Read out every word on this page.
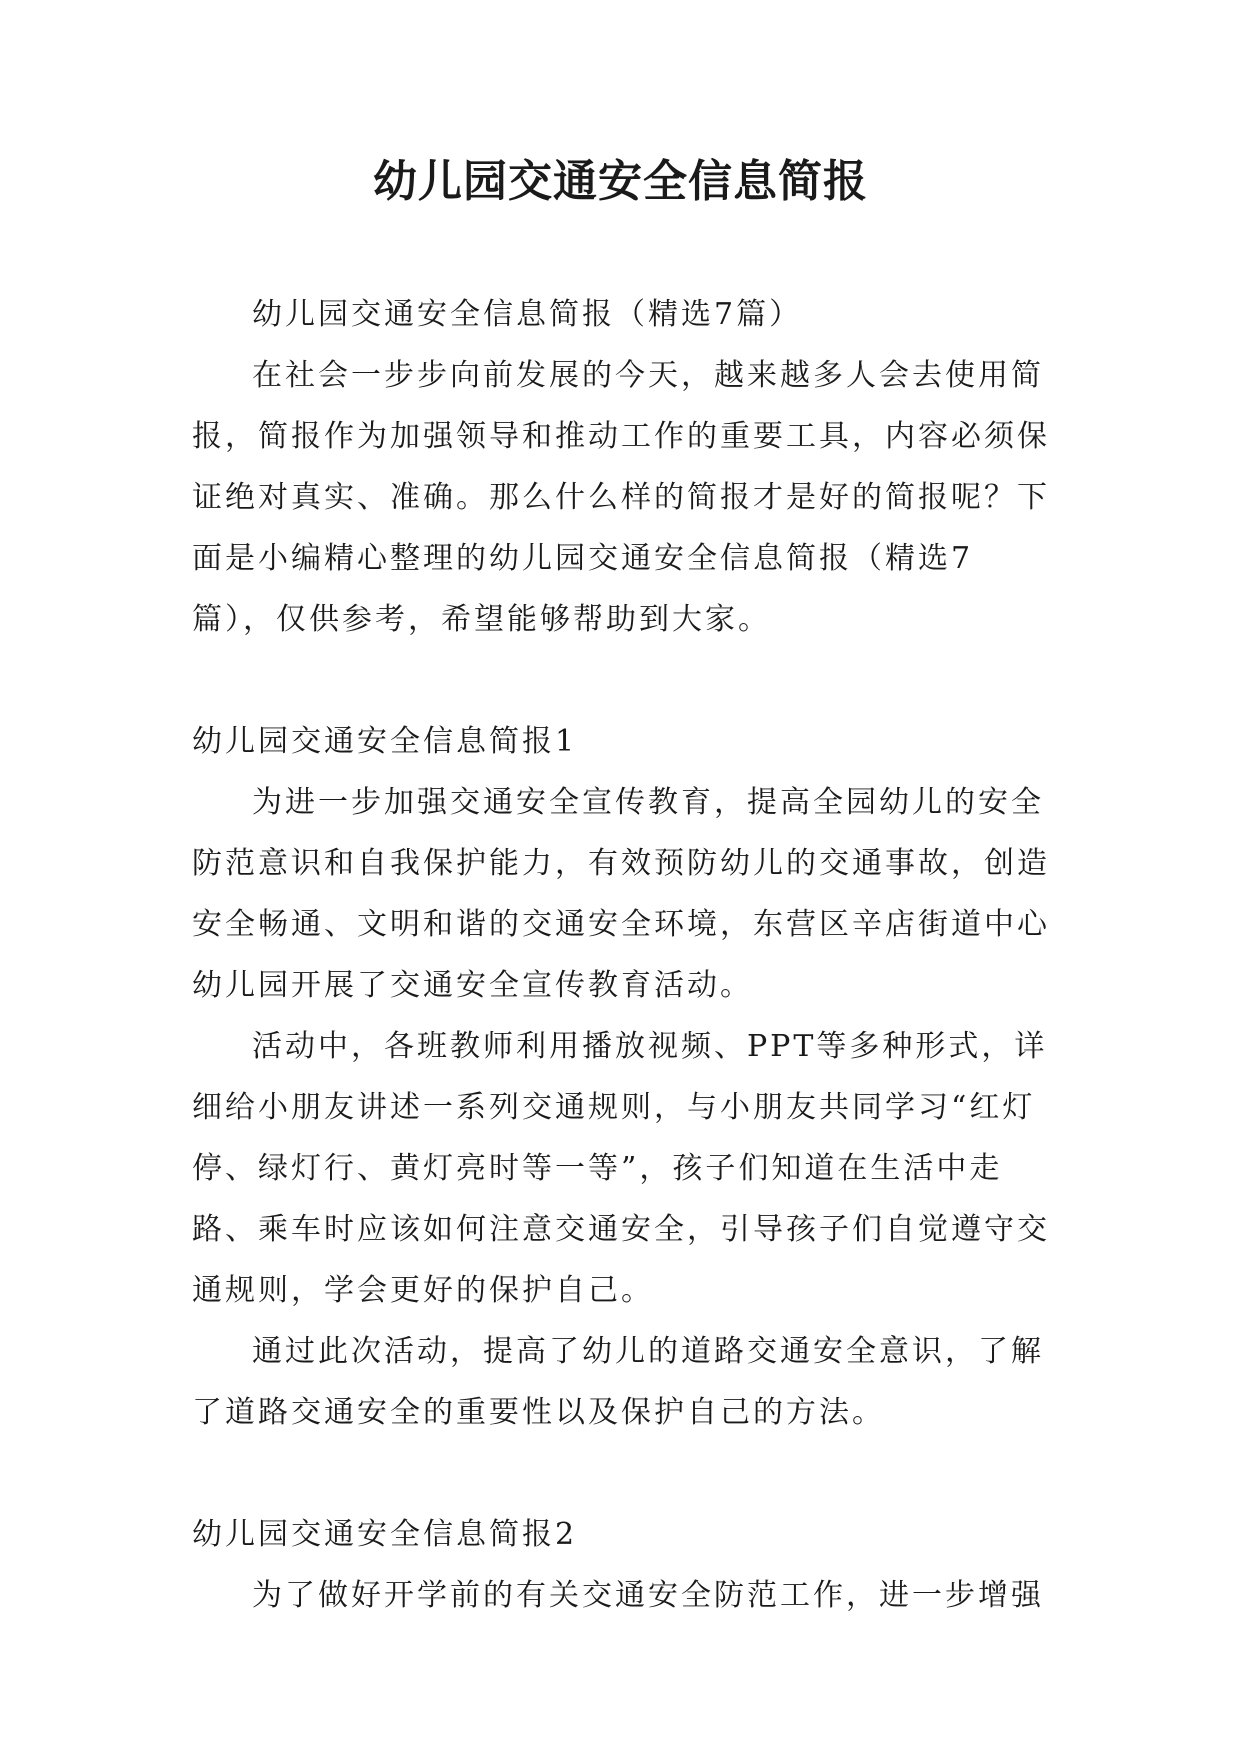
幼儿园交通安全信息简报

幼儿园交通安全信息简报（精选7篇）

在社会一步步向前发展的今天，越来越多人会去使用简报，简报作为加强领导和推动工作的重要工具，内容必须保证绝对真实、准确。那么什么样的简报才是好的简报呢？下面是小编精心整理的幼儿园交通安全信息简报（精选7篇），仅供参考，希望能够帮助到大家。

幼儿园交通安全信息简报1

为进一步加强交通安全宣传教育，提高全园幼儿的安全防范意识和自我保护能力，有效预防幼儿的交通事故，创造安全畅通、文明和谐的交通安全环境，东营区辛店街道中心幼儿园开展了交通安全宣传教育活动。

活动中，各班教师利用播放视频、PPT等多种形式，详细给小朋友讲述一系列交通规则，与小朋友共同学习“红灯停、绿灯行、黄灯亮时等一等”，孩子们知道在生活中走路、乘车时应该如何注意交通安全，引导孩子们自觉遵守交通规则，学会更好的保护自己。

通过此次活动，提高了幼儿的道路交通安全意识，了解了道路交通安全的重要性以及保护自己的方法。

幼儿园交通安全信息简报2

为了做好开学前的有关交通安全防范工作，进一步增强
